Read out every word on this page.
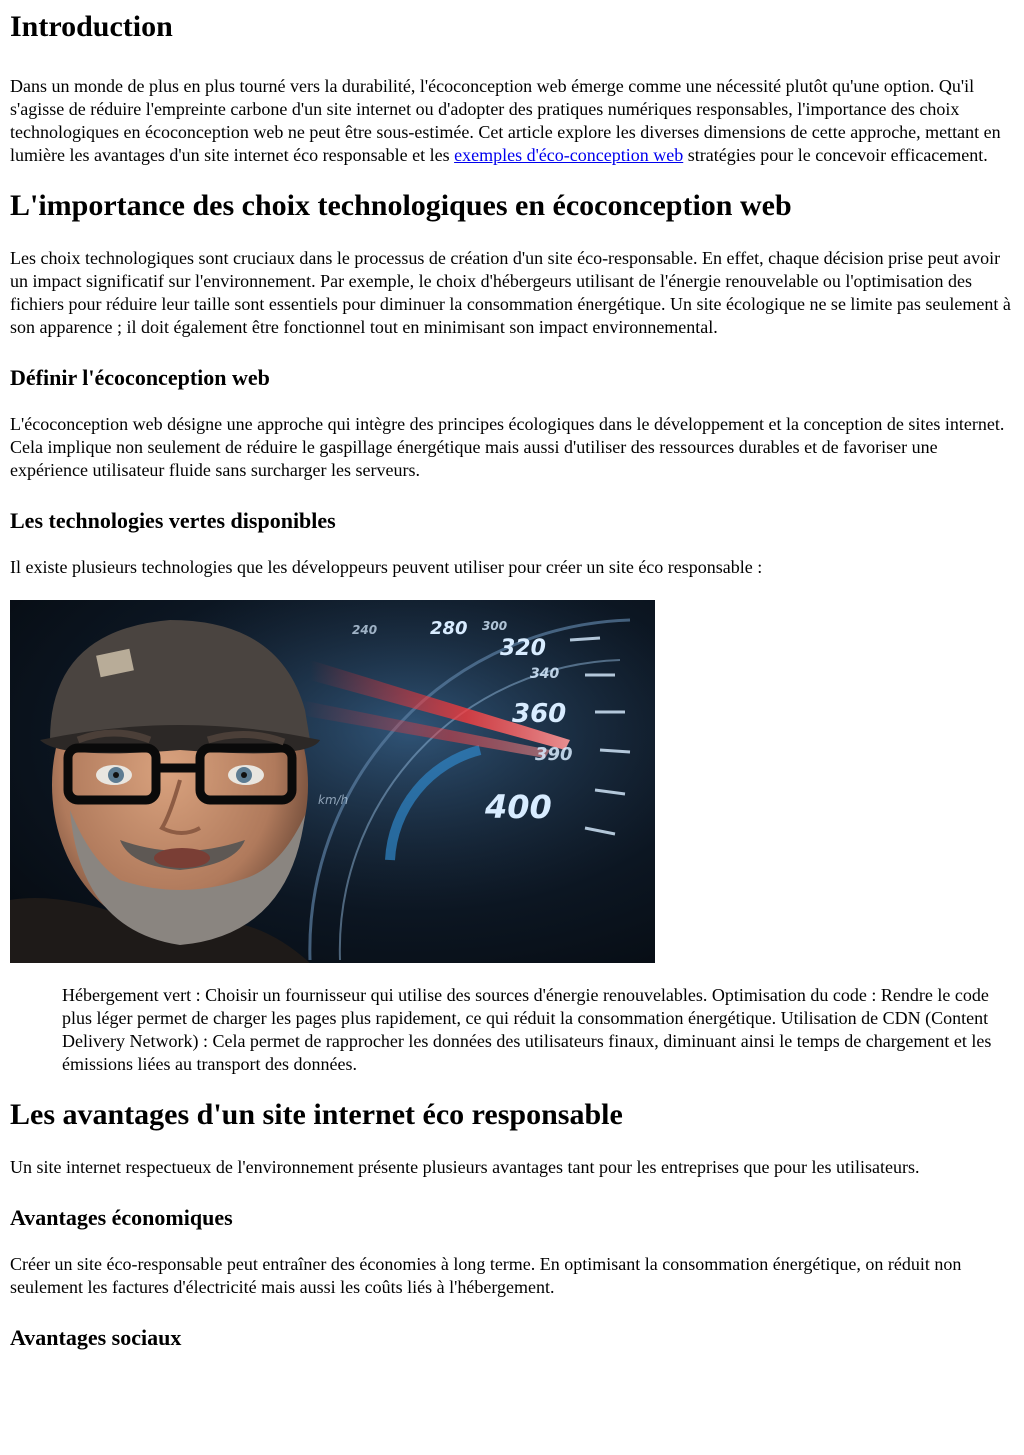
Introduction

Dans un monde de plus en plus tourné vers la durabilité, l'écoconception web émerge comme une nécessité plutôt qu'une option. Qu'il s'agisse de réduire l'empreinte carbone d'un site internet ou d'adopter des pratiques numériques responsables, l'importance des choix technologiques en écoconception web ne peut être sous-estimée. Cet article explore les diverses dimensions de cette approche, mettant en lumière les avantages d'un site internet éco responsable et les exemples d'éco-conception web stratégies pour le concevoir efficacement.

L'importance des choix technologiques en écoconception web

Les choix technologiques sont cruciaux dans le processus de création d'un site éco-responsable. En effet, chaque décision prise peut avoir un impact significatif sur l'environnement. Par exemple, le choix d'hébergeurs utilisant de l'énergie renouvelable ou l'optimisation des fichiers pour réduire leur taille sont essentiels pour diminuer la consommation énergétique. Un site écologique ne se limite pas seulement à son apparence ; il doit également être fonctionnel tout en minimisant son impact environnemental.

Définir l'écoconception web

L'écoconception web désigne une approche qui intègre des principes écologiques dans le développement et la conception de sites internet. Cela implique non seulement de réduire le gaspillage énergétique mais aussi d'utiliser des ressources durables et de favoriser une expérience utilisateur fluide sans surcharger les serveurs.

Les technologies vertes disponibles

Il existe plusieurs technologies que les développeurs peuvent utiliser pour créer un site éco responsable :

240	280 300
320
340
360
390
400
km/h
Hébergement vert : Choisir un fournisseur qui utilise des sources d'énergie renouvelables. Optimisation du code : Rendre le code plus léger permet de charger les pages plus rapidement, ce qui réduit la consommation énergétique. Utilisation de CDN (Content Delivery Network) : Cela permet de rapprocher les données des utilisateurs finaux, diminuant ainsi le temps de chargement et les émissions liées au transport des données.
Les avantages d'un site internet éco responsable

Un site internet respectueux de l'environnement présente plusieurs avantages tant pour les entreprises que pour les utilisateurs.

Avantages économiques

Créer un site éco-responsable peut entraîner des économies à long terme. En optimisant la consommation énergétique, on réduit non seulement les factures d'électricité mais aussi les coûts liés à l'hébergement.

Avantages sociaux
